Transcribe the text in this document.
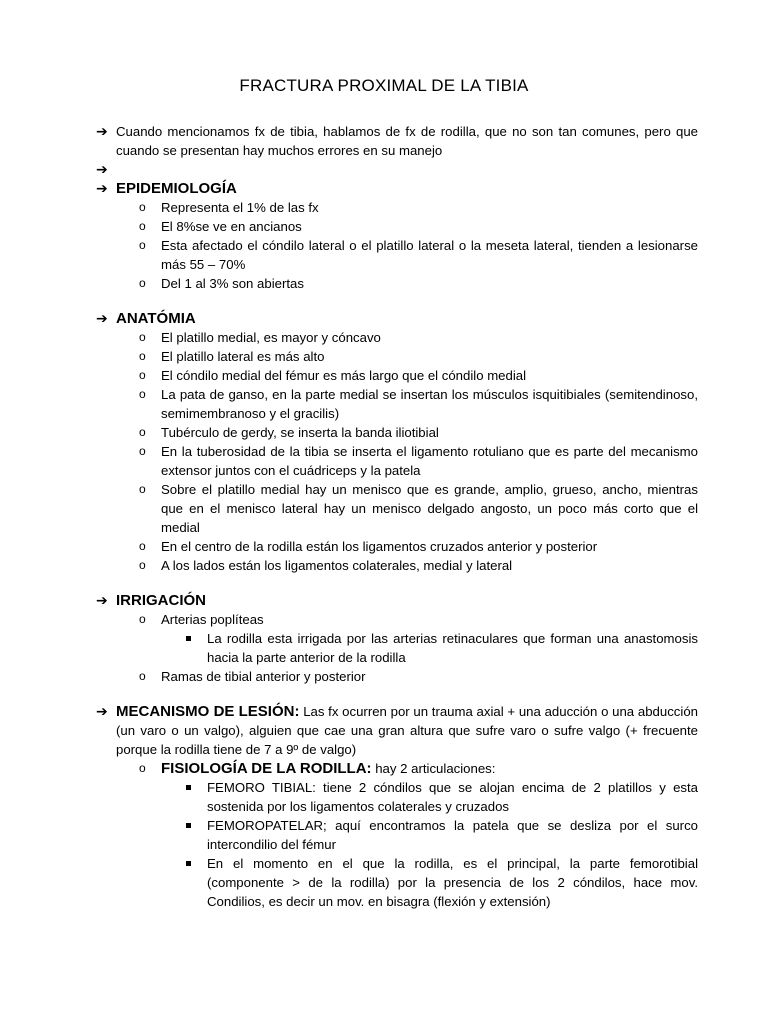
FRACTURA PROXIMAL DE LA TIBIA
➔ Cuando mencionamos fx de tibia, hablamos de fx de rodilla, que no son tan comunes, pero que cuando se presentan hay muchos errores en su manejo
➔

➔ EPIDEMIOLOGÍA
o Representa el 1% de las fx
o El 8%se ve en ancianos
o Esta afectado el cóndilo lateral o el platillo lateral o la meseta lateral, tienden a lesionarse más 55 – 70%
o Del 1 al 3% son abiertas
➔ ANATÓMIA
o El platillo medial, es mayor y cóncavo
o El platillo lateral es más alto
o El cóndilo medial del fémur es más largo que el cóndilo medial
o La pata de ganso, en la parte medial se insertan los músculos isquitibiales (semitendinoso, semimembranoso y el gracilis)
o Tubérculo de gerdy, se inserta la banda iliotibial
o En la tuberosidad de la tibia se inserta el ligamento rotuliano que es parte del mecanismo extensor juntos con el cuádriceps y la patela
o Sobre el platillo medial hay un menisco que es grande, amplio, grueso, ancho, mientras que en el menisco lateral hay un menisco delgado angosto, un poco más corto que el medial
o En el centro de la rodilla están los ligamentos cruzados anterior y posterior
o A los lados están los ligamentos colaterales, medial y lateral
➔ IRRIGACIÓN
o Arterias poplíteas
La rodilla esta irrigada por las arterias retinaculares que forman una anastomosis hacia la parte anterior de la rodilla
o Ramas de tibial anterior y posterior
➔ MECANISMO DE LESIÓN: Las fx ocurren por un trauma axial + una aducción o una abducción (un varo o un valgo), alguien que cae una gran altura que sufre varo o sufre valgo (+ frecuente porque la rodilla tiene de 7 a 9º de valgo)
o FISIOLOGÍA DE LA RODILLA: hay 2 articulaciones:
FEMORO TIBIAL: tiene 2 cóndilos que se alojan encima de 2 platillos y esta sostenida por los ligamentos colaterales y cruzados
FEMOROPATELAR; aquí encontramos la patela que se desliza por el surco intercondilio del fémur
En el momento en el que la rodilla, es el principal, la parte femorotibial (componente > de la rodilla) por la presencia de los 2 cóndilos, hace mov. Condilios, es decir un mov. en bisagra (flexión y extensión)
